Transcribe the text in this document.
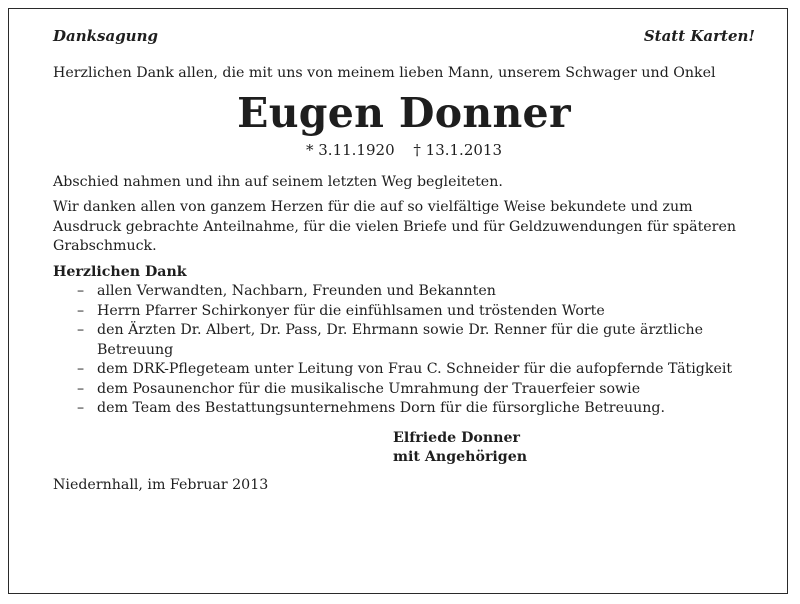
Danksagung	Statt Karten!

Herzlichen Dank allen, die mit uns von meinem lieben Mann, unserem Schwager und Onkel

Eugen Donner
* 3.11.1920 † 13.1.2013

Abschied nahmen und ihn auf seinem letzten Weg begleiteten.

Wir danken allen von ganzem Herzen für die auf so vielfältige Weise bekundete und zum Ausdruck gebrachte Anteilnahme, für die vielen Briefe und für Geldzuwendungen für späteren Grabschmuck.

Herzlichen Dank
– allen Verwandten, Nachbarn, Freunden und Bekannten
– Herrn Pfarrer Schirkonyer für die einfühlsamen und tröstenden Worte
– den Ärzten Dr. Albert, Dr. Pass, Dr. Ehrmann sowie Dr. Renner für die gute ärztliche Betreuung
– dem DRK-Pflegeteam unter Leitung von Frau C. Schneider für die aufopfernde Tätigkeit
– dem Posaunenchor für die musikalische Umrahmung der Trauerfeier sowie
– dem Team des Bestattungsunternehmens Dorn für die fürsorgliche Betreuung.
Elfriede Donner
mit Angehörigen
Niedernhall, im Februar 2013
